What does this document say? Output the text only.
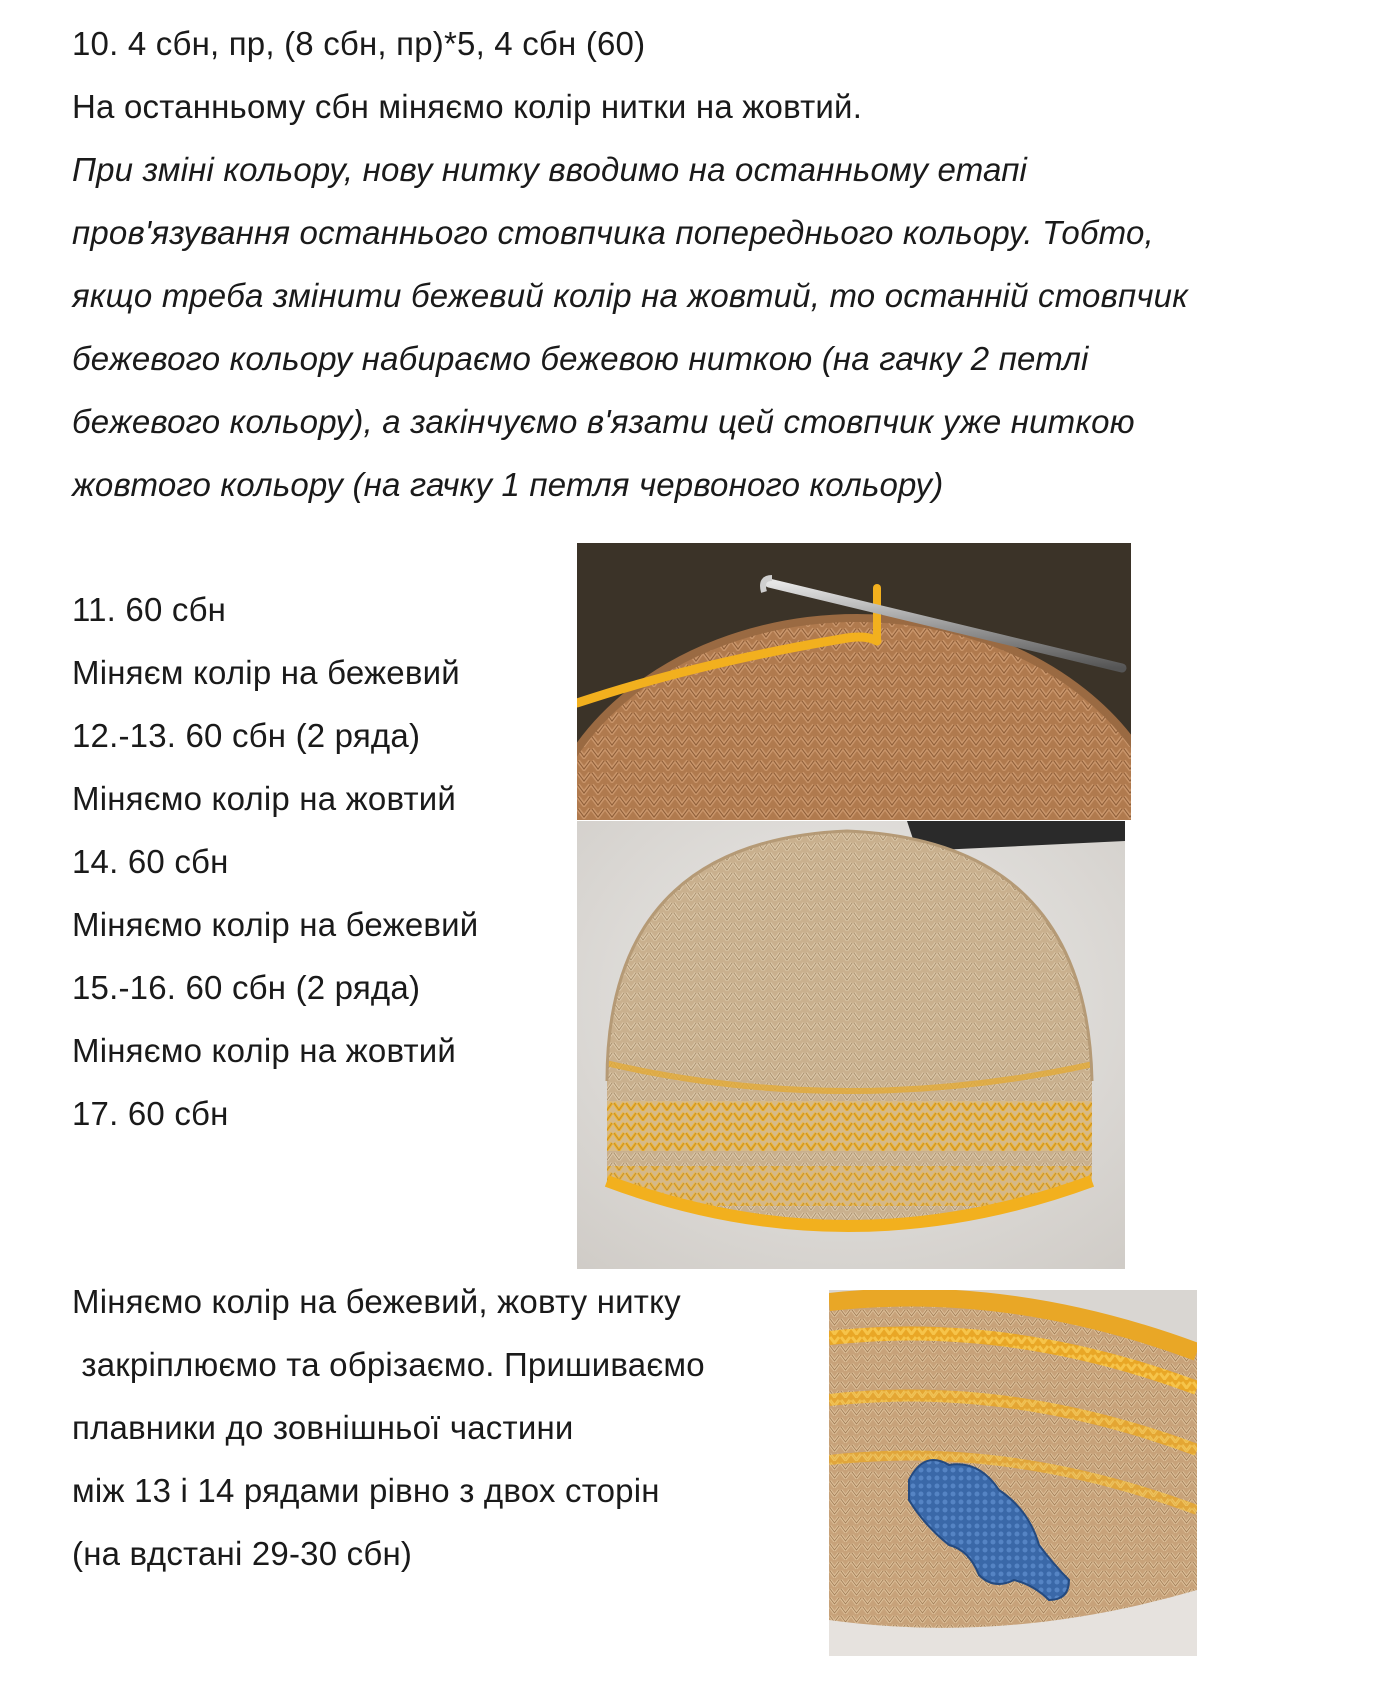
10. 4 сбн, пр, (8 сбн, пр)*5, 4 сбн (60)
На останньому сбн міняємо колір нитки на жовтий.
При зміні кольору, нову нитку вводимо на останньому етапі
пров'язування останнього стовпчика попереднього кольору. Тобто,
якщо треба змінити бежевий колір на жовтий, то останній стовпчик
бежевого кольору набираємо бежевою ниткою (на гачку 2 петлі
бежевого кольору), а закінчуємо в'язати цей стовпчик уже ниткою
жовтого кольору (на гачку 1 петля червоного кольору)
11. 60 сбн
Міняєм колір на бежевий
12.-13. 60 сбн (2 ряда)
Міняємо колір на жовтий
14. 60 сбн
Міняємо колір на бежевий
15.-16. 60 сбн (2 ряда)
Міняємо колір на жовтий
17. 60 сбн
Міняємо колір на бежевий, жовту нитку
закріплюємо та обрізаємо. Пришиваємо
плавники до зовнішньої частини
між 13 і 14 рядами рівно з двох сторін
(на вдстані 29-30 сбн)
